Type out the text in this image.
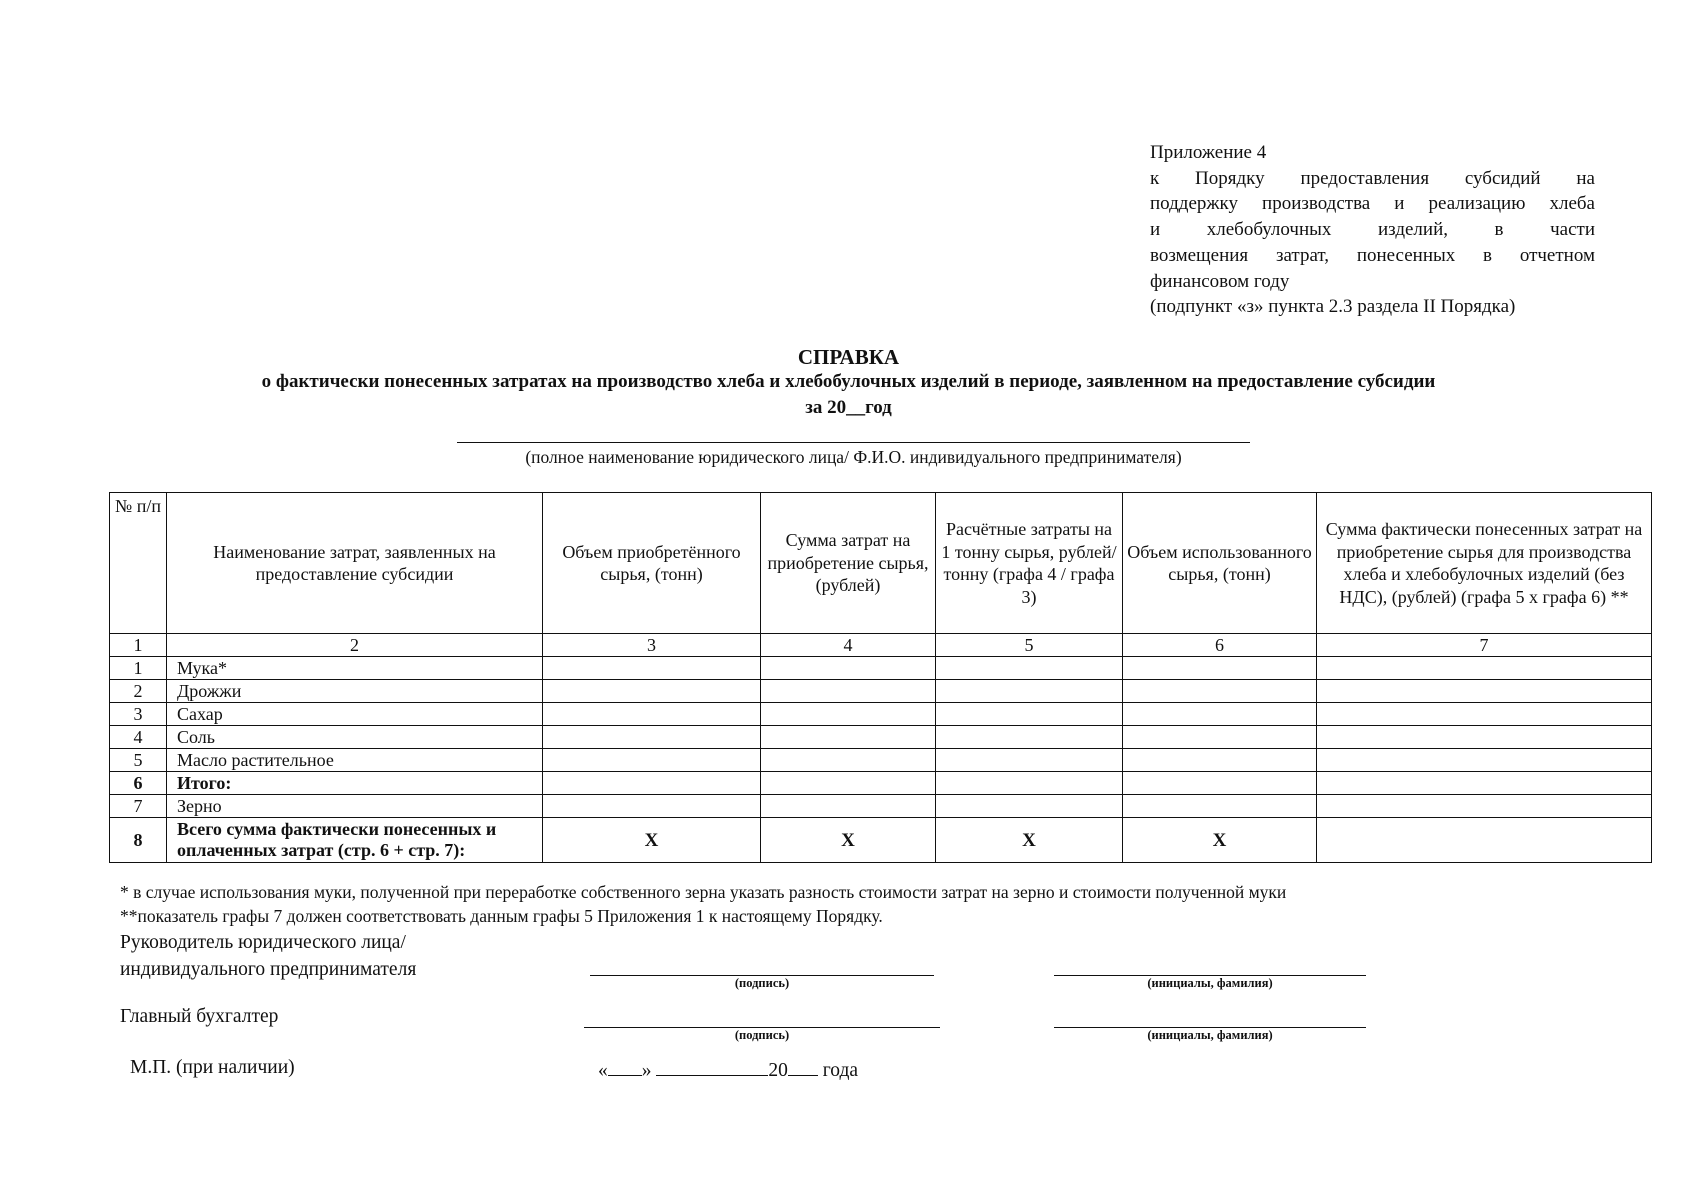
Приложение 4
к Порядку предоставления субсидий на
поддержку производства и реализацию хлеба
и хлебобулочных изделий, в части
возмещения затрат, понесенных в отчетном
финансовом году
(подпункт «з» пункта 2.3 раздела II Порядка)
СПРАВКА
о фактически понесенных затратах на производство хлеба и хлебобулочных изделий в периоде, заявленном на предоставление субсидии
за 20__год
(полное наименование юридического лица/ Ф.И.О. индивидуального предпринимателя)
№ п/п	Наименование затрат, заявленных на предоставление субсидии	Объем приобретённого сырья, (тонн)	Сумма затрат на приобретение сырья, (рублей)	Расчётные затраты на 1 тонну сырья, рублей/тонну (графа 4 / графа 3)	Объем использованного сырья, (тонн)	Сумма фактически понесенных затрат на приобретение сырья для производства хлеба и хлебобулочных изделий (без НДС), (рублей) (графа 5 х графа 6) **
1	2	3	4	5	6	7
1	Мука*					
2	Дрожжи					
3	Сахар					
4	Соль					
5	Масло растительное					
6	Итого:					
7	Зерно					
8	Всего сумма фактически понесенных и оплаченных затрат (стр. 6 + стр. 7):	X	X	X	X	
* в случае использования муки, полученной при переработке собственного зерна указать разность стоимости затрат на зерно и стоимости полученной муки
**показатель графы 7 должен соответствовать данным графы 5 Приложения 1 к настоящему Порядку.
Руководитель юридического лица/
индивидуального предпринимателя
(подпись)	(инициалы, фамилия)
Главный бухгалтер
(подпись)	(инициалы, фамилия)
М.П. (при наличии)	« »	20 года
